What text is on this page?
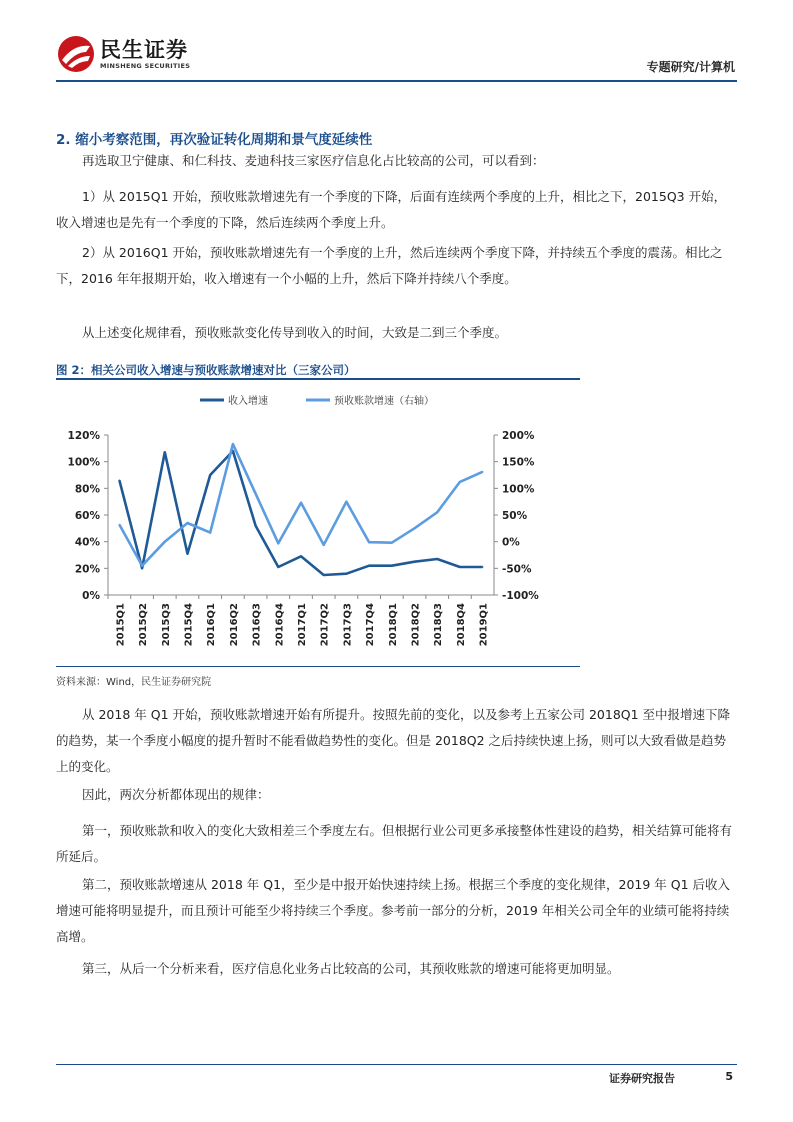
民生证券
MINSHENG SECURITIES	专题研究/计算机
2. 缩小考察范围，再次验证转化周期和景气度延续性
再选取卫宁健康、和仁科技、麦迪科技三家医疗信息化占比较高的公司，可以看到：
1）从 2015Q1 开始，预收账款增速先有一个季度的下降，后面有连续两个季度的上升，相比之下，2015Q3 开始，收入增速也是先有一个季度的下降，然后连续两个季度上升。
2）从 2016Q1 开始，预收账款增速先有一个季度的上升，然后连续两个季度下降，并持续五个季度的震荡。相比之下，2016 年年报期开始，收入增速有一个小幅的上升，然后下降并持续八个季度。
从上述变化规律看，预收账款变化传导到收入的时间，大致是二到三个季度。
图 2：相关公司收入增速与预收账款增速对比（三家公司）
收入增速	预收账款增速（右轴）
0%
20%
40%
60%
80%
100%
120%
-100%
-50%
0%
50%
100%
150%
200%
2015Q1 2015Q2 2015Q3 2015Q4 2016Q1 2016Q2 2016Q3 2016Q4 2017Q1 2017Q2 2017Q3 2017Q4 2018Q1 2018Q2 2018Q3 2018Q4 2019Q1
资料来源：Wind，民生证券研究院
从 2018 年 Q1 开始，预收账款增速开始有所提升。按照先前的变化，以及参考上五家公司 2018Q1 至中报增速下降的趋势，某一个季度小幅度的提升暂时不能看做趋势性的变化。但是 2018Q2 之后持续快速上扬，则可以大致看做是趋势上的变化。
因此，两次分析都体现出的规律：
第一，预收账款和收入的变化大致相差三个季度左右。但根据行业公司更多承接整体性建设的趋势，相关结算可能将有所延后。
第二，预收账款增速从 2018 年 Q1，至少是中报开始快速持续上扬。根据三个季度的变化规律，2019 年 Q1 后收入增速可能将明显提升，而且预计可能至少将持续三个季度。参考前一部分的分析，2019 年相关公司全年的业绩可能将持续高增。
第三，从后一个分析来看，医疗信息化业务占比较高的公司，其预收账款的增速可能将更加明显。
证券研究报告	5
